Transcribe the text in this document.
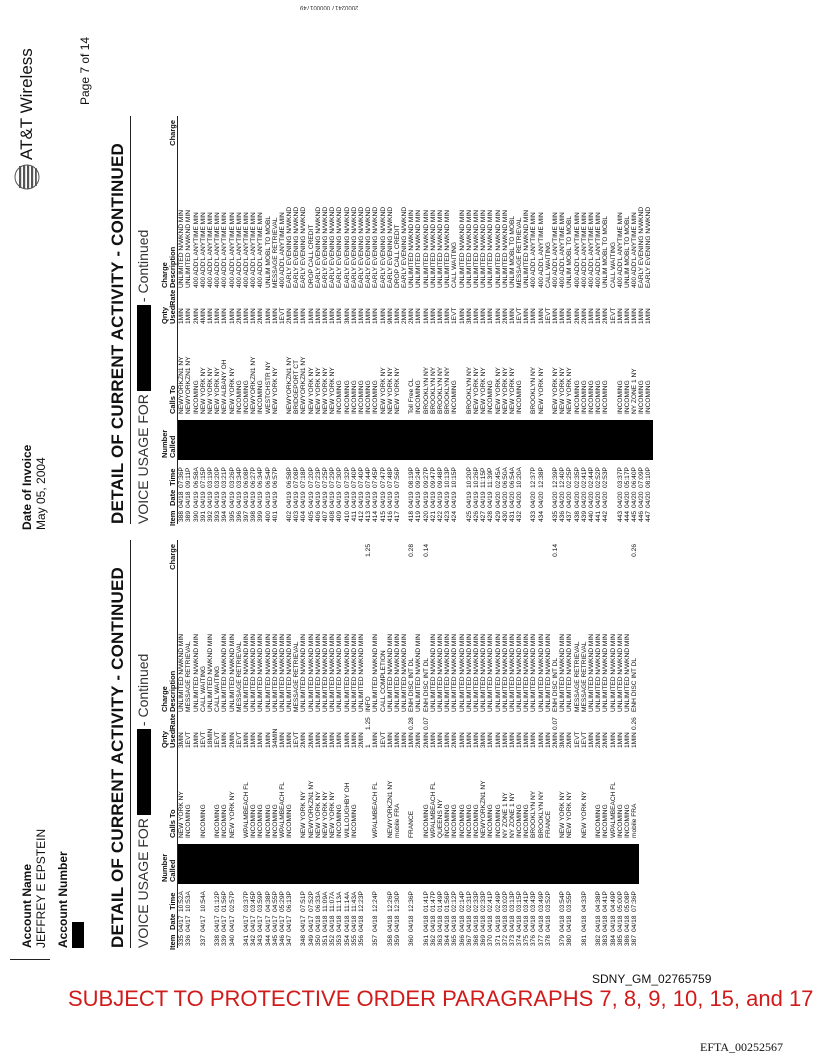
Account Name JEFFREY E EPSTEIN Account Number
Date of Invoice May 05, 2004
AT&T Wireless	Page 7 of 14
DETAIL OF CURRENT ACTIVITY - CONTINUED VOICE USAGE FOR- Continued
Item
Date
Time
Number Called
Calls To
Qnty Used
Rate
Charge Description
Charge
335
04/17
10:52A
NEW YORK NY
3MIN
UNLIMITED N/WKND MIN
336
04/17
10:53A
INCOMING
1EVT
MESSAGE RETRIEVAL
1MIN
UNLIMITED N/WKND MIN
337
04/17
10:54A
INCOMING
1EVT
CALL WAITING
18MIN
UNLIMITED N/WKND MIN
338
04/17
01:12P
INCOMING
1EVT
CALL WAITING
339
04/17
01:56P
INCOMING
1MIN
UNLIMITED N/WKND MIN
340
04/17
02:57P
NEW YORK NY
2MIN
UNLIMITED N/WKND MIN
1EVT
MESSAGE RETRIEVAL
341
04/17
03:37P
WPALMBEACH FL
1MIN
UNLIMITED N/WKND MIN
342
04/17
03:45P
INCOMING
1MIN
UNLIMITED N/WKND MIN
343
04/17
03:59P
INCOMING
1MIN
UNLIMITED N/WKND MIN
344
04/17
04:38P
INCOMING
1MIN
UNLIMITED N/WKND MIN
345
04/17
04:55P
INCOMING
34MIN
UNLIMITED N/WKND MIN
346
04/17
05:29P
WPALMBEACH FL
1MIN
UNLIMITED N/WKND MIN
347
04/17
06:13P
INCOMING
1MIN
UNLIMITED N/WKND MIN
1EVT
MESSAGE RETRIEVAL
348
04/17
07:51P
NEW YORK NY
2MIN
UNLIMITED N/WKND MIN
349
04/17
07:52P
NEWYORKZN1 NY
2MIN
UNLIMITED N/WKND MIN
350
04/18
06:33A
NEW YORK NY
1MIN
UNLIMITED N/WKND MIN
351
04/18
11:09A
NEW YORK NY
1MIN
UNLIMITED N/WKND MIN
352
04/18
11:07A
NEW YORK NY
1MIN
UNLIMITED N/WKND MIN
353
04/18
11:13A
INCOMING
1MIN
UNLIMITED N/WKND MIN
354
04/18
11:14A
WILLOUGHBY OH
1MIN
UNLIMITED N/WKND MIN
355
04/18
11:43A
INCOMING
1MIN
UNLIMITED N/WKND MIN
356
04/18
12:23P
2MIN
UNLIMITED N/WKND MIN
1
1.25
INFO
1.25
357
04/18
12:24P
WPALMBEACH FL
1MIN
UNLIMITED N/WKND MIN
1EVT
CALL COMPLETION
358
04/18
12:26P
NEWYORKZN1 NY
1MIN
UNLIMITED N/WKND MIN
359
04/18
12:30P
mobile FRA
1MIN
UNLIMITED N/WKND MIN
1MIN
UNLIMITED N/WKND MIN
360
04/18
12:36P
FRANCE
1MIN
0.28
ENH DISC INT DL
0.28
2MIN
UNLIMITED N/WKND MIN
361
04/18
01:41P
INCOMING
2MIN
0.07
ENH DISC INT DL
0.14
362
04/18
01:47P
WPALMBEACH FL
1MIN
UNLIMITED N/WKND MIN
363
04/18
01:49P
QUEENS NY
1MIN
UNLIMITED N/WKND MIN
364
04/18
01:56P
INCOMING
1MIN
UNLIMITED N/WKND MIN
365
04/18
02:12P
INCOMING
2MIN
UNLIMITED N/WKND MIN
366
04/18
02:14P
INCOMING
1MIN
UNLIMITED N/WKND MIN
367
04/18
02:31P
INCOMING
1MIN
UNLIMITED N/WKND MIN
368
04/18
02:33P
INCOMING
1MIN
UNLIMITED N/WKND MIN
369
04/18
02:33P
NEWYORKZN1 NY
3MIN
UNLIMITED N/WKND MIN
370
04/18
02:41P
INCOMING
1MIN
UNLIMITED N/WKND MIN
371
04/18
02:49P
INCOMING
1MIN
UNLIMITED N/WKND MIN
372
04/18
03:02P
NY ZONE 1 NY
1MIN
UNLIMITED N/WKND MIN
373
04/18
03:13P
NY ZONE 1 NY
1MIN
UNLIMITED N/WKND MIN
374
04/18
03:15P
INCOMING
1MIN
UNLIMITED N/WKND MIN
375
04/18
03:41P
INCOMING
1MIN
UNLIMITED N/WKND MIN
376
04/18
03:43P
BROOKLYN NY
1MIN
UNLIMITED N/WKND MIN
377
04/18
03:49P
BROOKLYN NY
1MIN
UNLIMITED N/WKND MIN
378
04/18
03:52P
FRANCE
1MIN
UNLIMITED N/WKND MIN
2MIN
0.07
ENH DISC INT DL
0.14
379
04/18
03:54P
NEW YORK NY
3MIN
UNLIMITED N/WKND MIN
380
04/18
03:55P
NEW YORK NY
2MIN
UNLIMITED N/WKND MIN
1EVT
MESSAGE RETRIEVAL
381
04/18
04:33P
NEW YORK NY
1EVT
MESSAGE RETRIEVAL
1MIN
UNLIMITED N/WKND MIN
382
04/18
04:38P
INCOMING
2MIN
UNLIMITED N/WKND MIN
383
04/18
04:41P
INCOMING
2MIN
UNLIMITED N/WKND MIN
384
04/18
04:49P
WPALMBEACH FL
1MIN
UNLIMITED N/WKND MIN
385
04/18
05:00P
INCOMING
1MIN
UNLIMITED N/WKND MIN
386
04/18
05:08P
INCOMING
1MIN
UNLIMITED N/WKND MIN
387
04/18
07:36P
mobile FRA
1MIN
0.26
ENH DISC INT DL
0.26
DETAIL OF CURRENT ACTIVITY - CONTINUED VOICE USAGE FOR- Continued
Item
Date
Time
Number Called
Calls To
Qnty Used
Rate
Charge Description
Charge
388
04/18
07:36P
NEWYORKZN1 NY
1MIN
UNLIMITED N/WKND MIN
389
04/18
09:11P
NEWYORKZN1 NY
1MIN
UNLIMITED N/WKND MIN
390
04/19
06:58A
INCOMING
2MIN
400 ADD'L ANYTIME MIN
391
04/19
07:15P
NEW YORK NY
4MIN
400 ADD'L ANYTIME MIN
392
04/19
03:19P
NEW YORK NY
1MIN
400 ADD'L ANYTIME MIN
393
04/19
03:20P
NEW YORK NY
1MIN
400 ADD'L ANYTIME MIN
394
04/19
03:21P
NEW ALBANY OH
1MIN
400 ADD'L ANYTIME MIN
395
04/19
03:26P
NEW YORK NY
1MIN
400 ADD'L ANYTIME MIN
396
04/19
03:34P
INCOMING
2MIN
400 ADD'L ANYTIME MIN
397
04/19
06:08P
INCOMING
1MIN
400 ADD'L ANYTIME MIN
398
04/19
06:27P
NEWYORKZN1 NY
1MIN
400 ADD'L ANYTIME MIN
399
04/19
06:34P
INCOMING
2MIN
400 ADD'L ANYTIME MIN
400
04/19
06:54P
WESTCHSTR NY
1MIN
UNLIM MOBL TO MOBL
401
04/19
06:57P
NEW YORK NY
1MIN
MESSAGE RETRIEVAL
1EVT
400 ADD'L ANYTIME MIN
402
04/19
06:58P
NEWYORKZN1 NY
2MIN
EARLY EVENING N/WKND
403
04/19
07:08P
BRIDGEPORT CT
1MIN
EARLY EVENING N/WKND
404
04/19
07:18P
NEWYORKZN1 NY
1MIN
EARLY EVENING N/WKND
405
04/19
07:20P
NEW YORK NY
1MIN
DROP CALL CREDIT
406
04/19
07:23P
NEW YORK NY
1MIN
EARLY EVENING N/WKND
407
04/19
07:25P
NEW YORK NY
1MIN
EARLY EVENING N/WKND
408
04/19
07:29P
NEW YORK NY
1MIN
EARLY EVENING N/WKND
409
04/19
07:30P
INCOMING
1MIN
EARLY EVENING N/WKND
410
04/19
07:32P
INCOMING
3MIN
EARLY EVENING N/WKND
411
04/19
07:40P
INCOMING
1MIN
EARLY EVENING N/WKND
412
04/19
07:40P
INCOMING
1MIN
EARLY EVENING N/WKND
413
04/19
07:44P
INCOMING
1MIN
EARLY EVENING N/WKND
414
04/19
07:45P
INCOMING
1MIN
EARLY EVENING N/WKND
415
04/19
07:47P
NEW YORK NY
1MIN
EARLY EVENING N/WKND
416
04/19
07:48P
NEW YORK NY
9MIN
EARLY EVENING N/WKND
417
04/19
07:56P
NEW YORK NY
1MIN
DROP CALL CREDIT
2MIN
EARLY EVENING N/WKND
418
04/19
08:19P
Toll Free CL
2MIN
UNLIMITED N/WKND MIN
419
04/19
09:24P
INCOMING
1MIN
UNLIMITED N/WKND MIN
420
04/19
09:27P
BROOKLYN NY
1MIN
UNLIMITED N/WKND MIN
421
04/19
09:47P
BROOKLYN NY
1MIN
UNLIMITED N/WKND MIN
422
04/19
09:48P
BROOKLYN NY
1MIN
UNLIMITED N/WKND MIN
423
04/19
10:13P
BROOKLYN NY
1MIN
UNLIMITED N/WKND MIN
424
04/19
10:15P
INCOMING
1EVT
CALL WAITING
1MIN
UNLIMITED N/WKND MIN
425
04/19
10:20P
BROOKLYN NY
3MIN
UNLIMITED N/WKND MIN
426
04/19
10:26P
NEW YORK NY
1MIN
UNLIMITED N/WKND MIN
427
04/19
11:15P
NEW YORK NY
1MIN
UNLIMITED N/WKND MIN
428
04/19
11:39P
INCOMING
1MIN
UNLIMITED N/WKND MIN
429
04/20
02:45A
NEW YORK NY
1MIN
UNLIMITED N/WKND MIN
430
04/20
06:50A
NEW YORK NY
2MIN
UNLIMITED N/WKND MIN
431
04/20
06:54A
NEW YORK NY
1MIN
UNLIM MOBL TO MOBL
432
04/20
10:20A
INCOMING
1EVT
MESSAGE RETRIEVAL
1MIN
UNLIMITED N/WKND MIN
433
04/20
12:37P
BROOKLYN NY
1MIN
400 ADD'L ANYTIME MIN
434
04/20
12:38P
NEW YORK NY
1MIN
400 ADD'L ANYTIME MIN
1EVT
CALL WAITING
435
04/20
12:39P
NEW YORK NY
1MIN
400 ADD'L ANYTIME MIN
436
04/20
12:40P
NEW YORK NY
1MIN
400 ADD'L ANYTIME MIN
437
04/20
02:25P
NEW YORK NY
1MIN
UNLIM MOBL TO MOBL
438
04/20
02:35P
INCOMING
2MIN
400 ADD'L ANYTIME MIN
439
04/20
02:41P
INCOMING
2MIN
400 ADD'L ANYTIME MIN
440
04/20
02:44P
INCOMING
1MIN
400 ADD'L ANYTIME MIN
441
04/20
02:52P
INCOMING
1MIN
400 ADD'L ANYTIME MIN
442
04/20
02:53P
INCOMING
2MIN
UNLIM MOBL TO MOBL
1EVT
CALL WAITING
443
04/20
03:37P
INCOMING
1MIN
400 ADD'L ANYTIME MIN
444
04/20
05:17P
INCOMING
1MIN
UNLIM MOBL TO MOBL
445
04/20
06:40P
NY ZONE 1 NY
1MIN
400 ADD'L ANYTIME MIN
446
04/20
07:09P
INCOMING
1MIN
EARLY EVENING N/WKND
447
04/20
08:10P
INCOMING
1MIN
EARLY EVENING N/WKND
20002417 000001749
SDNY_GM_02765759
SUBJECT TO PROTECTIVE ORDER PARAGRAPHS 7, 8, 9, 10, 15, and 17
EFTA_00252567
